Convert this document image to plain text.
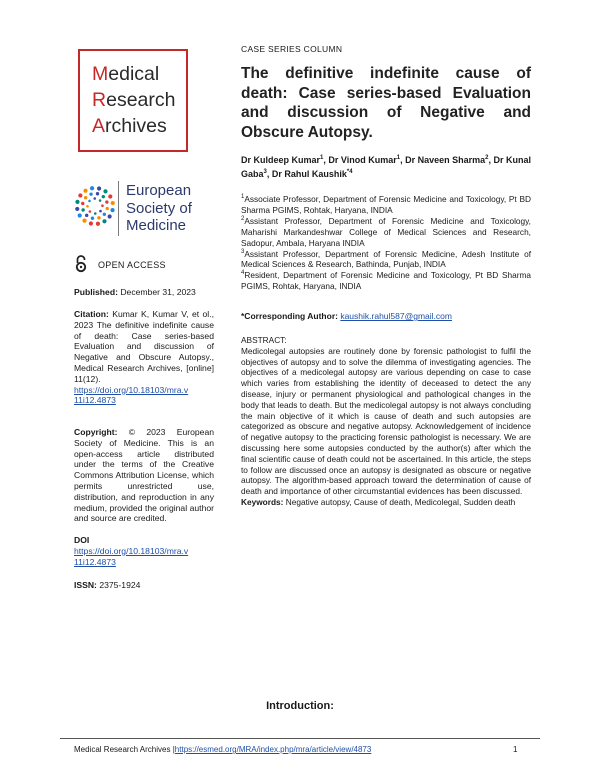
Medical
Research
Archives
European
Society of
Medicine
OPEN ACCESS
Published: December 31, 2023
Citation: Kumar K, Kumar V, et ol., 2023 The definitive indefinite cause of death: Case series-based Evaluation and discussion of Negative and Obscure Autopsy., Medical Research Archives, [online] 11(12).
https://doi.org/10.18103/mra.v
11i12.4873
Copyright: © 2023 European Society of Medicine. This is an open-access article distributed under the terms of the Creative Commons Attribution License, which permits unrestricted use, distribution, and reproduction in any medium, provided the original author and source are credited.
DOI
https://doi.org/10.18103/mra.v
11i12.4873
ISSN: 2375-1924
CASE SERIES COLUMN
The definitive indefinite cause of death: Case series-based Evaluation and discussion of Negative and Obscure Autopsy.
Dr Kuldeep Kumar$^1$, Dr Vinod Kumar$^1$, Dr Naveen Sharma$^2$, Dr Kunal Gaba$^3$, Dr Rahul Kaushik$^{*4}$
$^1$Associate Professor, Department of Forensic Medicine and Toxicology, Pt BD Sharma PGIMS, Rohtak, Haryana, INDIA
$^2$Assistant Professor, Department of Forensic Medicine and Toxicology, Maharishi Markandeshwar College of Medical Sciences and Research, Sadopur, Ambala, Haryana INDIA
$^3$Assistant Professor, Department of Forensic Medicine, Adesh Institute of Medical Sciences & Research, Bathinda, Punjab, INDIA
$^4$Resident, Department of Forensic Medicine and Toxicology, Pt BD Sharma PGIMS, Rohtak, Haryana, INDIA
*Corresponding Author: kaushik.rahul587@gmail.com
ABSTRACT:
Medicolegal autopsies are routinely done by forensic pathologist to fulfil the objectives of autopsy and to solve the dilemma of investigating agencies. The objectives of a medicolegal autopsy are various depending on case to case which varies from establishing the identity of deceased to detect the any disease, injury or permanent physiological and pathological changes in the body that leads to death. But the medicolegal autopsy is not always concluding the main objective of it which is cause of death and such autopsies are categorized as obscure and negative autopsy. Acknowledgement of incidence of negative autopsy to the practicing forensic pathologist is necessary. We are discussing here some autopsies conducted by the author(s) after which the final scientific cause of death could not be ascertained. In this article, the steps to follow are discussed once an autopsy is designated as obscure or negative autopsy. The algorithm-based approach toward the determination of cause of death and importance of other circumstantial evidences has been discussed.
Keywords: Negative autopsy, Cause of death, Medicolegal, Sudden death
Introduction:
Medical Research Archives |https://esmed.org/MRA/index.php/mra/article/view/4873	1
